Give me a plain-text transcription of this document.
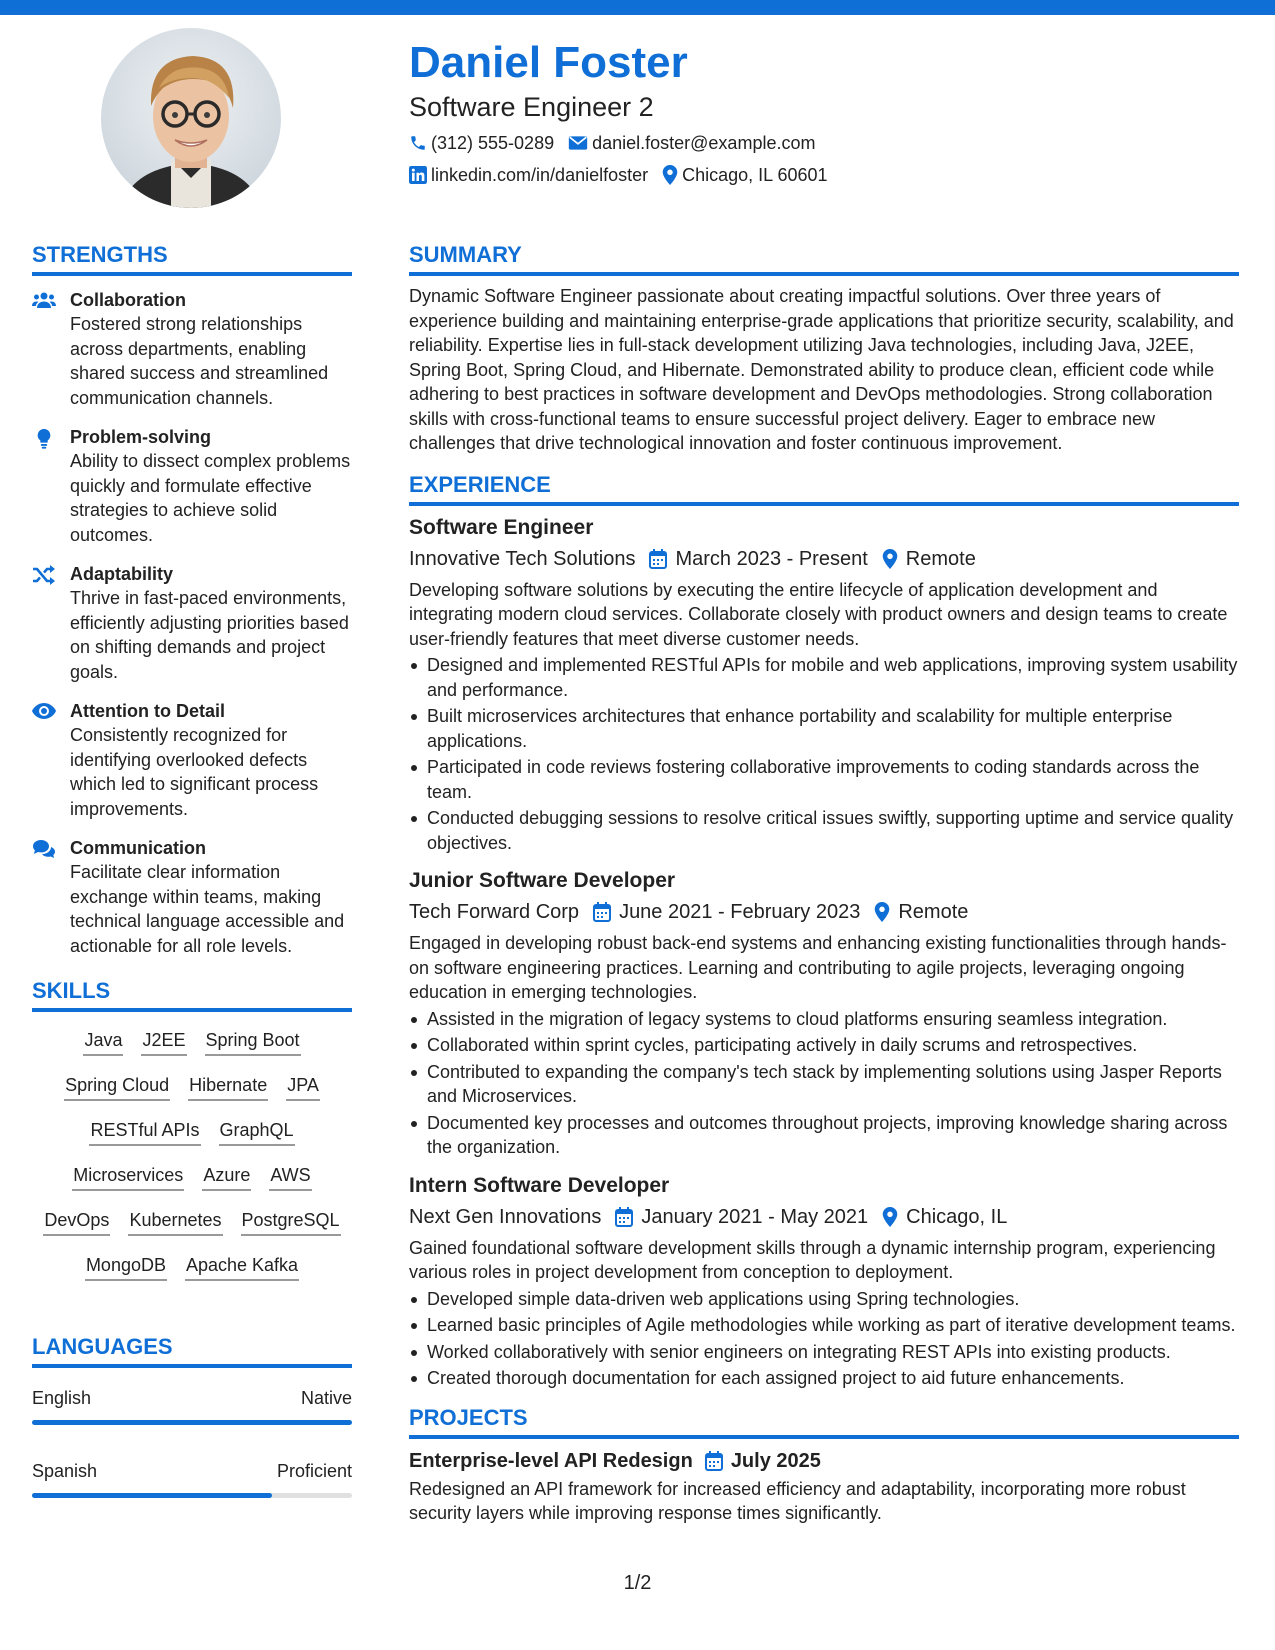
Daniel Foster
Software Engineer 2
(312) 555-0289 daniel.foster@example.com
linkedin.com/in/danielfoster Chicago, IL 60601
STRENGTHS
Collaboration
Fostered strong relationships across departments, enabling shared success and streamlined communication channels.
Problem-solving
Ability to dissect complex problems quickly and formulate effective strategies to achieve solid outcomes.
Adaptability
Thrive in fast-paced environments, efficiently adjusting priorities based on shifting demands and project goals.
Attention to Detail
Consistently recognized for identifying overlooked defects which led to significant process improvements.
Communication
Facilitate clear information exchange within teams, making technical language accessible and actionable for all role levels.
SKILLS
Java J2EE Spring Boot
Spring Cloud Hibernate JPA
RESTful APIs GraphQL
Microservices Azure AWS
DevOps Kubernetes PostgreSQL
MongoDB Apache Kafka
LANGUAGES
English	Native
Spanish	Proficient
SUMMARY
Dynamic Software Engineer passionate about creating impactful solutions. Over three years of experience building and maintaining enterprise-grade applications that prioritize security, scalability, and reliability. Expertise lies in full-stack development utilizing Java technologies, including Java, J2EE, Spring Boot, Spring Cloud, and Hibernate. Demonstrated ability to produce clean, efficient code while adhering to best practices in software development and DevOps methodologies. Strong collaboration skills with cross-functional teams to ensure successful project delivery. Eager to embrace new challenges that drive technological innovation and foster continuous improvement.
EXPERIENCE
Software Engineer
Innovative Tech Solutions March 2023 - Present Remote
Developing software solutions by executing the entire lifecycle of application development and integrating modern cloud services. Collaborate closely with product owners and design teams to create user-friendly features that meet diverse customer needs.
Designed and implemented RESTful APIs for mobile and web applications, improving system usability and performance.
Built microservices architectures that enhance portability and scalability for multiple enterprise applications.
Participated in code reviews fostering collaborative improvements to coding standards across the team.
Conducted debugging sessions to resolve critical issues swiftly, supporting uptime and service quality objectives.
Junior Software Developer
Tech Forward Corp June 2021 - February 2023 Remote
Engaged in developing robust back-end systems and enhancing existing functionalities through hands-on software engineering practices. Learning and contributing to agile projects, leveraging ongoing education in emerging technologies.
Assisted in the migration of legacy systems to cloud platforms ensuring seamless integration.
Collaborated within sprint cycles, participating actively in daily scrums and retrospectives.
Contributed to expanding the company's tech stack by implementing solutions using Jasper Reports and Microservices.
Documented key processes and outcomes throughout projects, improving knowledge sharing across the organization.
Intern Software Developer
Next Gen Innovations January 2021 - May 2021 Chicago, IL
Gained foundational software development skills through a dynamic internship program, experiencing various roles in project development from conception to deployment.
Developed simple data-driven web applications using Spring technologies.
Learned basic principles of Agile methodologies while working as part of iterative development teams.
Worked collaboratively with senior engineers on integrating REST APIs into existing products.
Created thorough documentation for each assigned project to aid future enhancements.
PROJECTS
Enterprise-level API Redesign July 2025
Redesigned an API framework for increased efficiency and adaptability, incorporating more robust security layers while improving response times significantly.
1/2
